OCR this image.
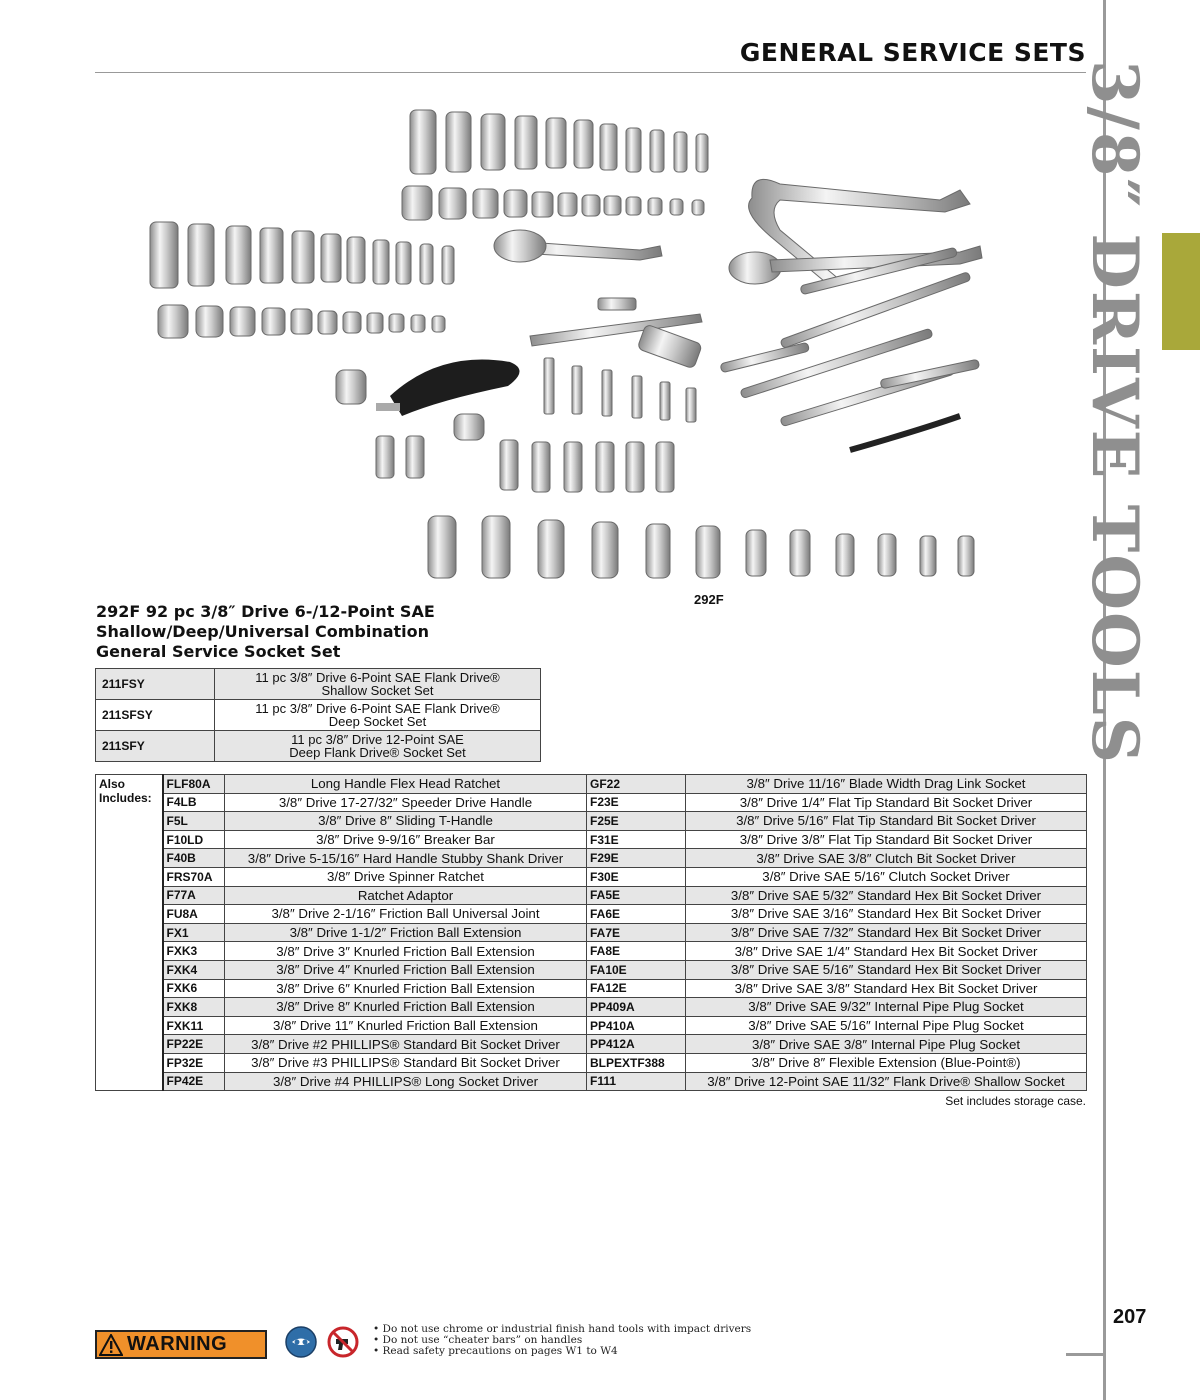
GENERAL SERVICE SETS
3/8″ DRIVE TOOLS
292F
292F 92 pc 3/8″ Drive 6-/12-Point SAE
Shallow/Deep/Universal Combination
General Service Socket Set
211FSY	11 pc 3/8″ Drive 6-Point SAE Flank Drive®
Shallow Socket Set
211SFSY	11 pc 3/8″ Drive 6-Point SAE Flank Drive®
Deep Socket Set
211SFY	11 pc 3/8″ Drive 12-Point SAE
Deep Flank Drive® Socket Set
Also Includes:	FLF80A	Long Handle Flex Head Ratchet	GF22	3/8″ Drive 11/16″ Blade Width Drag Link Socket
	F4LB	3/8″ Drive 17-27/32″ Speeder Drive Handle	F23E	3/8″ Drive 1/4″ Flat Tip Standard Bit Socket Driver
	F5L	3/8″ Drive 8″ Sliding T-Handle	F25E	3/8″ Drive 5/16″ Flat Tip Standard Bit Socket Driver
	F10LD	3/8″ Drive 9-9/16″ Breaker Bar	F31E	3/8″ Drive 3/8″ Flat Tip Standard Bit Socket Driver
	F40B	3/8″ Drive 5-15/16″ Hard Handle Stubby Shank Driver	F29E	3/8″ Drive SAE 3/8″ Clutch Bit Socket Driver
	FRS70A	3/8″ Drive Spinner Ratchet	F30E	3/8″ Drive SAE 5/16″ Clutch Socket Driver
	F77A	Ratchet Adaptor	FA5E	3/8″ Drive SAE 5/32″ Standard Hex Bit Socket Driver
	FU8A	3/8″ Drive 2-1/16″ Friction Ball Universal Joint	FA6E	3/8″ Drive SAE 3/16″ Standard Hex Bit Socket Driver
	FX1	3/8″ Drive 1-1/2″ Friction Ball Extension	FA7E	3/8″ Drive SAE 7/32″ Standard Hex Bit Socket Driver
	FXK3	3/8″ Drive 3″ Knurled Friction Ball Extension	FA8E	3/8″ Drive SAE 1/4″ Standard Hex Bit Socket Driver
	FXK4	3/8″ Drive 4″ Knurled Friction Ball Extension	FA10E	3/8″ Drive SAE 5/16″ Standard Hex Bit Socket Driver
	FXK6	3/8″ Drive 6″ Knurled Friction Ball Extension	FA12E	3/8″ Drive SAE 3/8″ Standard Hex Bit Socket Driver
	FXK8	3/8″ Drive 8″ Knurled Friction Ball Extension	PP409A	3/8″ Drive SAE 9/32″ Internal Pipe Plug Socket
	FXK11	3/8″ Drive 11″ Knurled Friction Ball Extension	PP410A	3/8″ Drive SAE 5/16″ Internal Pipe Plug Socket
	FP22E	3/8″ Drive #2 PHILLIPS® Standard Bit Socket Driver	PP412A	3/8″ Drive SAE 3/8″ Internal Pipe Plug Socket
	FP32E	3/8″ Drive #3 PHILLIPS® Standard Bit Socket Driver	BLPEXTF388	3/8″ Drive 8″ Flexible Extension (Blue-Point®)
	FP42E	3/8″ Drive #4 PHILLIPS® Long Socket Driver	F111	3/8″ Drive 12-Point SAE 11/32″ Flank Drive® Shallow Socket
Set includes storage case.
207
WARNING
• Do not use chrome or industrial finish hand tools with impact drivers
• Do not use “cheater bars” on handles
• Read safety precautions on pages W1 to W4
